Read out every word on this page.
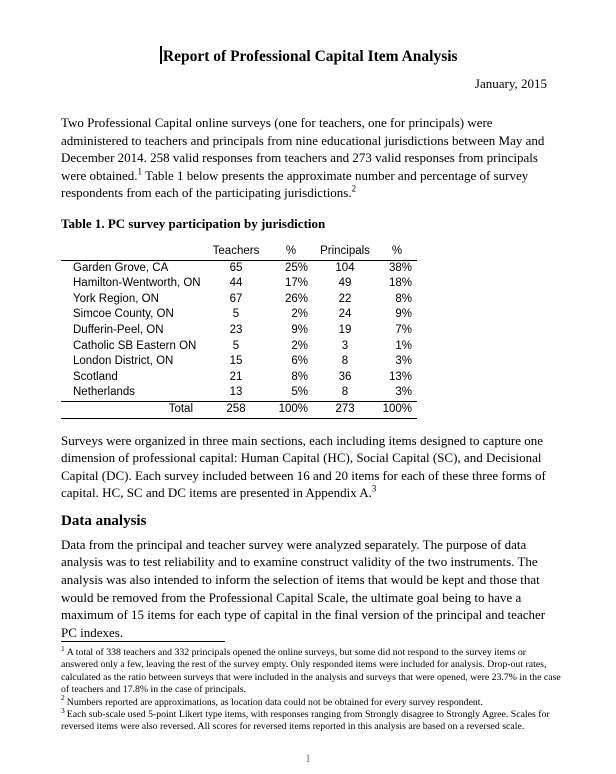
Report of Professional Capital Item Analysis
January, 2015

Two Professional Capital online surveys (one for teachers, one for principals) were administered to teachers and principals from nine educational jurisdictions between May and December 2014. 258 valid responses from teachers and 273 valid responses from principals were obtained.$^1$ Table 1 below presents the approximate number and percentage of survey respondents from each of the participating jurisdictions.$^2$

Table 1. PC survey participation by jurisdiction
	Teachers	%	Principals	%
Garden Grove, CA	65	25%	104	38%
Hamilton-Wentworth, ON	44	17%	49	18%
York Region, ON	67	26%	22	8%
Simcoe County, ON	5	2%	24	9%
Dufferin-Peel, ON	23	9%	19	7%
Catholic SB Eastern ON	5	2%	3	1%
London District, ON	15	6%	8	3%
Scotland	21	8%	36	13%
Netherlands	13	5%	8	3%
Total	258	100%	273	100%

Surveys were organized in three main sections, each including items designed to capture one dimension of professional capital: Human Capital (HC), Social Capital (SC), and Decisional Capital (DC). Each survey included between 16 and 20 items for each of these three forms of capital. HC, SC and DC items are presented in Appendix A.$^3$

Data analysis

Data from the principal and teacher survey were analyzed separately. The purpose of data analysis was to test reliability and to examine construct validity of the two instruments. The analysis was also intended to inform the selection of items that would be kept and those that would be removed from the Professional Capital Scale, the ultimate goal being to have a maximum of 15 items for each type of capital in the final version of the principal and teacher PC indexes.

$^1$ A total of 338 teachers and 332 principals opened the online surveys, but some did not respond to the survey items or answered only a few, leaving the rest of the survey empty. Only responded items were included for analysis. Drop-out rates, calculated as the ratio between surveys that were included in the analysis and surveys that were opened, were 23.7% in the case of teachers and 17.8% in the case of principals.

$^2$ Numbers reported are approximations, as location data could not be obtained for every survey respondent.

$^3$ Each sub-scale used 5-point Likert type items, with responses ranging from Strongly disagree to Strongly Agree. Scales for reversed items were also reversed. All scores for reversed items reported in this analysis are based on a reversed scale.

1
